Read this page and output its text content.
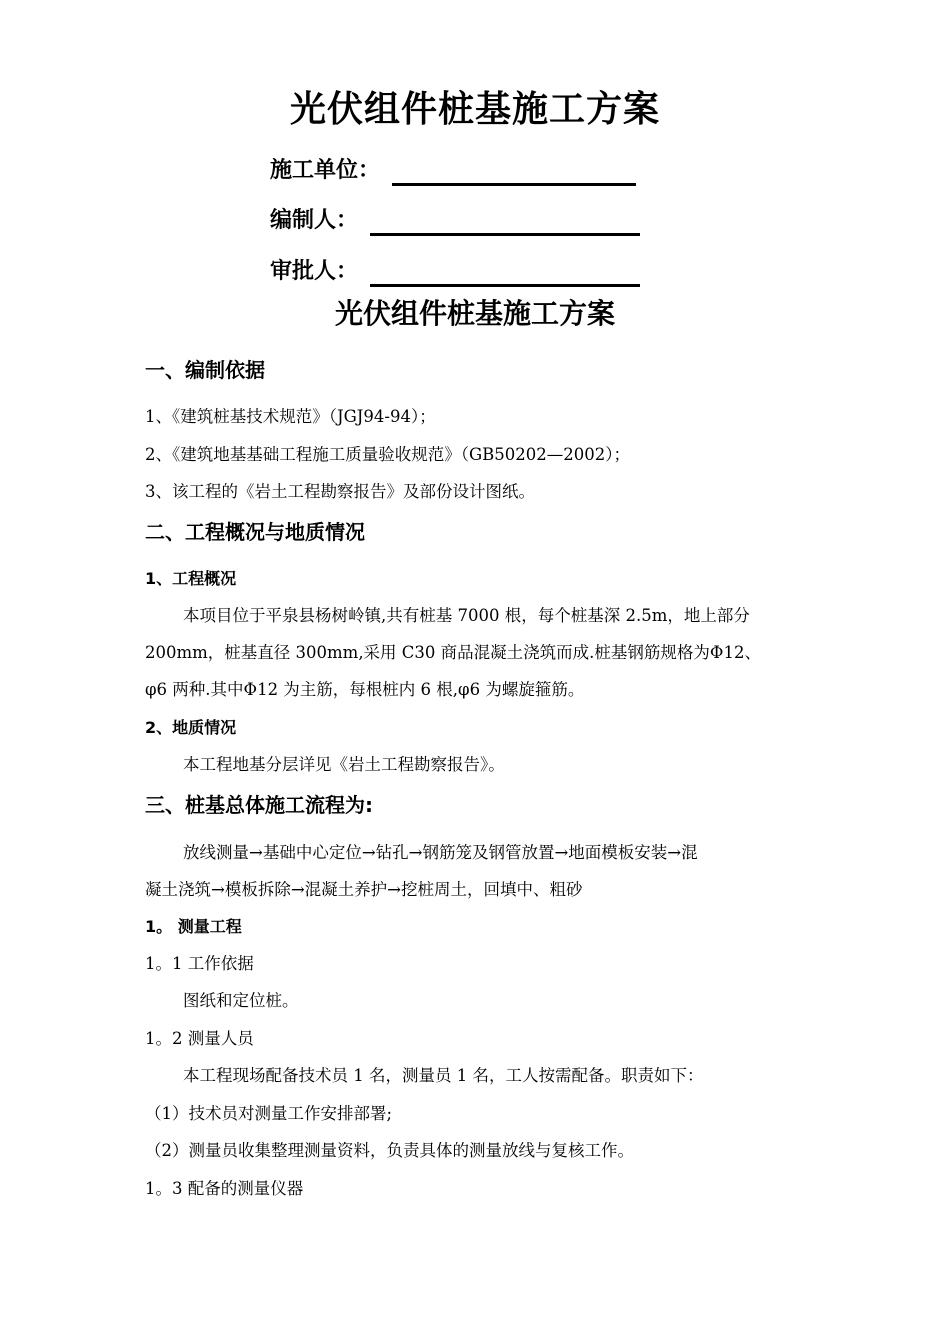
光伏组件桩基施工方案
施工单位：
编制人：
审批人：
光伏组件桩基施工方案
一、编制依据
1、《建筑桩基技术规范》（JGJ94-94）；
2、《建筑地基基础工程施工质量验收规范》（GB50202—2002）；
3、该工程的《岩土工程勘察报告》及部份设计图纸。
二、工程概况与地质情况
1、工程概况
本项目位于平泉县杨树岭镇,共有桩基 7000 根，每个桩基深 2.5m，地上部分
200mm，桩基直径 300mm,采用 C30 商品混凝土浇筑而成.桩基钢筋规格为Φ12、
φ6 两种.其中Φ12 为主筋，每根桩内 6 根,φ6 为螺旋箍筋。
2、地质情况
本工程地基分层详见《岩土工程勘察报告》。
三、桩基总体施工流程为:
放线测量→基础中心定位→钻孔→钢筋笼及钢管放置→地面模板安装→混
凝土浇筑→模板拆除→混凝土养护→挖桩周土，回填中、粗砂
1。 测量工程
1。1 工作依据
图纸和定位桩。
1。2 测量人员
本工程现场配备技术员 1 名，测量员 1 名，工人按需配备。职责如下：
（1）技术员对测量工作安排部署;
（2）测量员收集整理测量资料，负责具体的测量放线与复核工作。
1。3 配备的测量仪器
